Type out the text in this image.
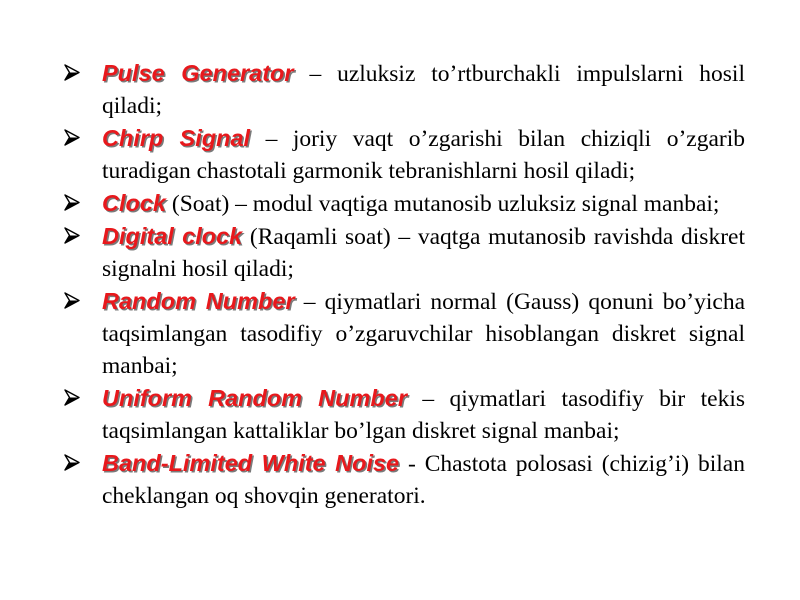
Pulse Generator – uzluksiz to’rtburchakli impulslarni hosil qiladi;
Chirp Signal – joriy vaqt o’zgarishi bilan chiziqli o’zgarib turadigan chastotali garmonik tebranishlarni hosil qiladi;
Clock (Soat) – modul vaqtiga mutanosib uzluksiz signal manbai;
Digital clock (Raqamli soat) – vaqtga mutanosib ravishda diskret signalni hosil qiladi;
Random Number – qiymatlari normal (Gauss) qonuni bo’yicha taqsimlangan tasodifiy o’zgaruvchilar hisoblangan diskret signal manbai;
Uniform Random Number – qiymatlari tasodifiy bir tekis taqsimlangan kattaliklar bo’lgan diskret signal manbai;
Band-Limited White Noise - Chastota polosasi (chizig’i) bilan cheklangan oq shovqin generatori.
